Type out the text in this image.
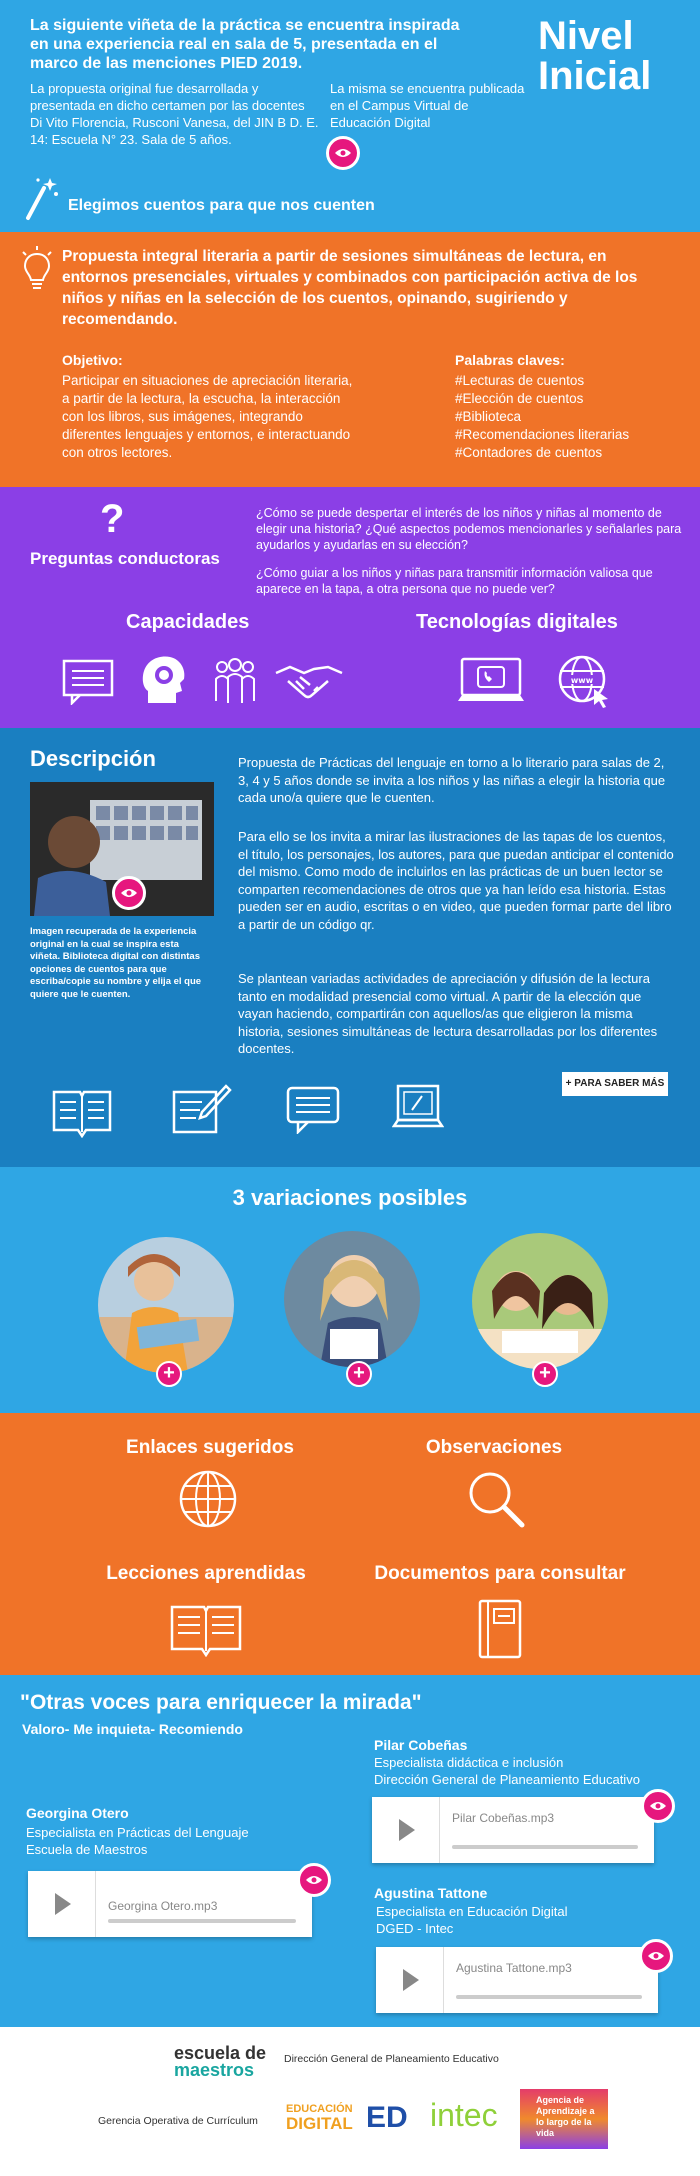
La siguiente viñeta de la práctica se encuentra inspirada en una experiencia real en sala de 5, presentada en el marco de las menciones PIED 2019.
Nivel
Inicial
La propuesta original fue desarrollada y presentada en dicho certamen por las docentes Di Vito Florencia, Rusconi Vanesa, del JIN B D. E. 14: Escuela N° 23. Sala de 5 años.
La misma se encuentra publicada en el Campus Virtual de Educación Digital
Elegimos cuentos para que nos cuenten
Propuesta integral literaria a partir de sesiones simultáneas de lectura, en entornos presenciales, virtuales y combinados con participación activa de los niños y niñas en la selección de los cuentos, opinando, sugiriendo y recomendando.
Objetivo:
Participar en situaciones de apreciación literaria, a partir de la lectura, la escucha, la interacción con los libros, sus imágenes, integrando diferentes lenguajes y entornos, e interactuando con otros lectores.
Palabras claves:
#Lecturas de cuentos
#Elección de cuentos
#Biblioteca
#Recomendaciones literarias
#Contadores de cuentos
?
Preguntas conductoras
¿Cómo se puede despertar el interés de los niños y niñas al momento de elegir una historia? ¿Qué aspectos podemos mencionarles y señalarles para ayudarlos y ayudarlas en su elección?
¿Cómo guiar a los niños y niñas para transmitir información valiosa que aparece en la tapa, a otra persona que no puede ver?
Capacidades	Tecnologías digitales
www
Descripción
Imagen recuperada de la experiencia original en la cual se inspira esta viñeta. Biblioteca digital con distintas opciones de cuentos para que escriba/copie su nombre y elija el que quiere que le cuenten.
Propuesta de Prácticas del lenguaje en torno a lo literario para salas de 2, 3, 4 y 5 años donde se invita a los niños y las niñas a elegir la historia que cada uno/a quiere que le cuenten.
Para ello se los invita a mirar las ilustraciones de las tapas de los cuentos, el título, los personajes, los autores, para que puedan anticipar el contenido del mismo. Como modo de incluirlos en las prácticas de un buen lector se comparten recomendaciones de otros que ya han leído esa historia. Estas pueden ser en audio, escritas o en video, que pueden formar parte del libro a partir de un código qr.
Se plantean variadas actividades de apreciación y difusión de la lectura tanto en modalidad presencial como virtual. A partir de la elección que vayan haciendo, compartirán con aquellos/as que eligieron la misma historia, sesiones simultáneas de lectura desarrolladas por los diferentes docentes.
+ PARA SABER MÁS
3 variaciones posibles
+	+	+
Enlaces sugeridos	Observaciones
Lecciones aprendidas	Documentos para consultar
"Otras voces para enriquecer la mirada"
Valoro- Me inquieta- Recomiendo
Pilar Cobeñas
Especialista didáctica e inclusión
Dirección General de Planeamiento Educativo
Pilar Cobeñas.mp3
Georgina Otero
Especialista en Prácticas del Lenguaje
Escuela de Maestros
Georgina Otero.mp3
Agustina Tattone
Especialista en Educación Digital
DGED - Intec
Agustina Tattone.mp3
escuela de
maestros
Dirección General de Planeamiento Educativo
Gerencia Operativa de Currículum
EDUCACIÓN
DIGITAL ED intec	Agencia de Aprendizaje a lo largo de la vida
